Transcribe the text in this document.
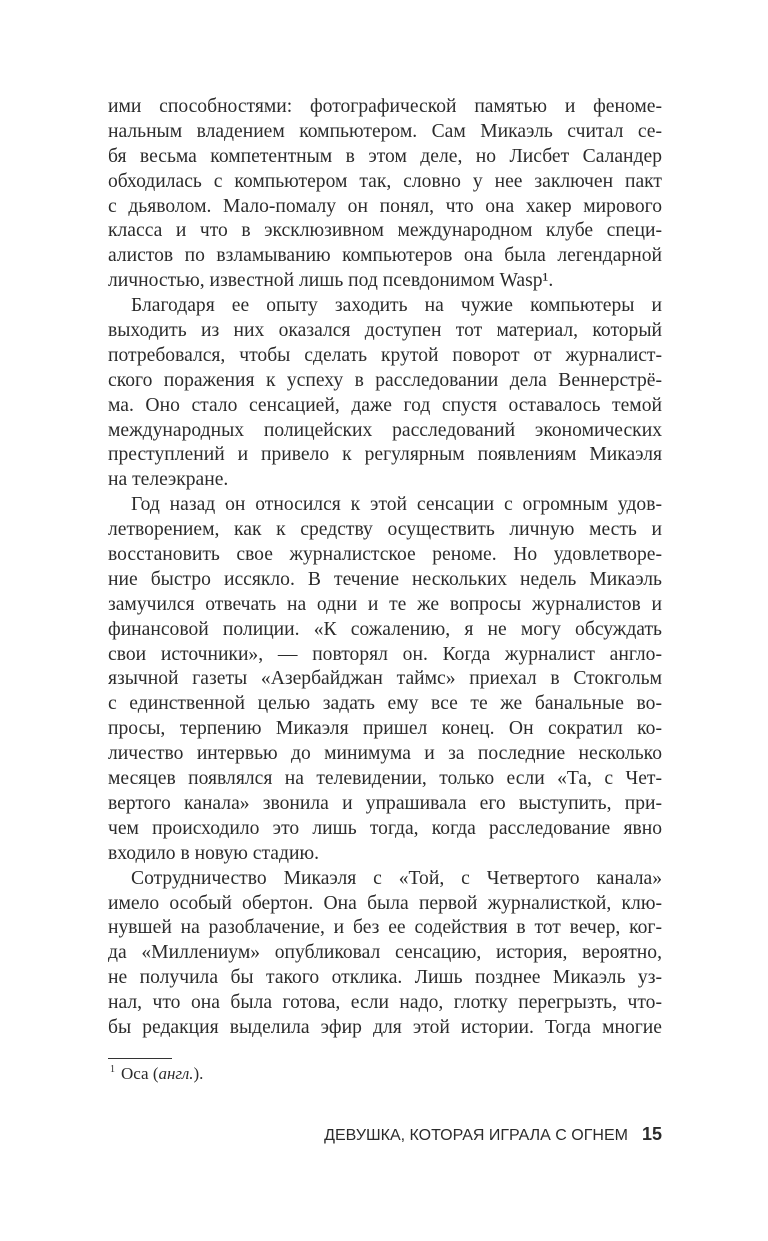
ими способностями: фотографической памятью и феноме-
нальным владением компьютером. Сам Микаэль считал се-
бя весьма компетентным в этом деле, но Лисбет Саландер
обходилась с компьютером так, словно у нее заключен пакт
с дьяволом. Мало-помалу он понял, что она хакер мирового
класса и что в эксклюзивном международном клубе специ-
алистов по взламыванию компьютеров она была легендарной
личностью, известной лишь под псевдонимом Wasp¹.
Благодаря ее опыту заходить на чужие компьютеры и
выходить из них оказался доступен тот материал, который
потребовался, чтобы сделать крутой поворот от журналист-
ского поражения к успеху в расследовании дела Веннерстрё-
ма. Оно стало сенсацией, даже год спустя оставалось темой
международных полицейских расследований экономических
преступлений и привело к регулярным появлениям Микаэля
на телеэкране.
Год назад он относился к этой сенсации с огромным удов-
летворением, как к средству осуществить личную месть и
восстановить свое журналистское реноме. Но удовлетворе-
ние быстро иссякло. В течение нескольких недель Микаэль
замучился отвечать на одни и те же вопросы журналистов и
финансовой полиции. «К сожалению, я не могу обсуждать
свои источники», — повторял он. Когда журналист англо-
язычной газеты «Азербайджан таймс» приехал в Стокгольм
с единственной целью задать ему все те же банальные во-
просы, терпению Микаэля пришел конец. Он сократил ко-
личество интервью до минимума и за последние несколько
месяцев появлялся на телевидении, только если «Та, с Чет-
вертого канала» звонила и упрашивала его выступить, при-
чем происходило это лишь тогда, когда расследование явно
входило в новую стадию.
Сотрудничество Микаэля с «Той, с Четвертого канала»
имело особый обертон. Она была первой журналисткой, клю-
нувшей на разоблачение, и без ее содействия в тот вечер, ког-
да «Миллениум» опубликовал сенсацию, история, вероятно,
не получила бы такого отклика. Лишь позднее Микаэль уз-
нал, что она была готова, если надо, глотку перегрызть, что-
бы редакция выделила эфир для этой истории. Тогда многие
$^1$ Оса (англ.).
ДЕВУШКА, КОТОРАЯ ИГРАЛА С ОГНЕМ 15
